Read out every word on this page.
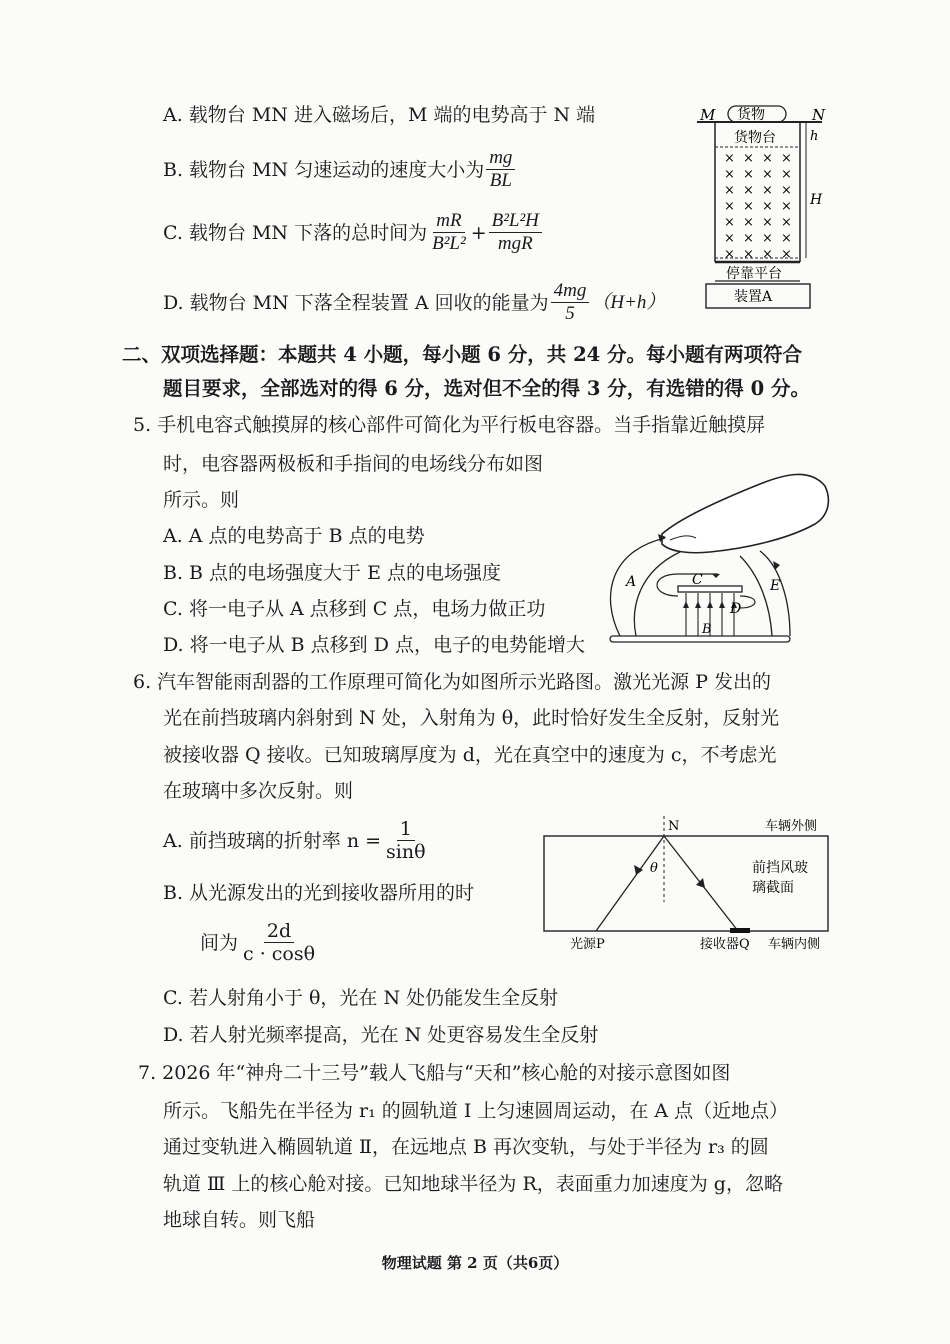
A. 载物台 MN 进入磁场后，M 端的电势高于 N 端
B. 载物台 MN 匀速运动的速度大小为 $\frac{mg}{BL}$
C. 载物台 MN 下落的总时间为 $\frac{mR}{\text{B²L²}} + \frac{\text{B²L²H}}{\text{mgR}}$
D. 载物台 MN 下落全程装置 A 回收的能量为 $\frac{4mg}{5} (H+h)$
M	N
货物
货物台
× × × ×
× × × ×
× × × ×
× × × ×
× × × ×
× × × ×
× × × ×
h
H
停靠平台
装置A
二、双项选择题：本题共 4 小题，每小题 6 分，共 24 分。每小题有两项符合
题目要求，全部选对的得 6 分，选对但不全的得 3 分，有选错的得 0 分。
5. 手机电容式触摸屏的核心部件可简化为平行板电容器。当手指靠近触摸屏
时，电容器两极板和手指间的电场线分布如图
所示。则
A. A 点的电势高于 B 点的电势
B. B 点的电场强度大于 E 点的电场强度
C. 将一电子从 A 点移到 C 点，电场力做正功
D. 将一电子从 B 点移到 D 点，电子的电势能增大
A	C
D
B
E
6. 汽车智能雨刮器的工作原理可简化为如图所示光路图。激光光源 P 发出的
光在前挡玻璃内斜射到 N 处，入射角为 θ，此时恰好发生全反射，反射光
被接收器 Q 接收。已知玻璃厚度为 d，光在真空中的速度为 c，不考虑光
在玻璃中多次反射。则
A. 前挡玻璃的折射率 $n = \frac{1}{\sin\theta}$
B. 从光源发出的光到接收器所用的时
间为 $\frac{2d}{c \cdot \cos\theta}$
C. 若人射角小于 θ，光在 N 处仍能发生全反射
D. 若人射光频率提高，光在 N 处更容易发生全反射
N	车辆外侧
前挡风玻
璃截面
θ
光源P	接收器Q 车辆内侧
7. 2026 年“神舟二十三号”载人飞船与“天和”核心舱的对接示意图如图
所示。飞船先在半径为 r₁ 的圆轨道 Ⅰ 上匀速圆周运动，在 A 点（近地点）
通过变轨进入椭圆轨道 Ⅱ，在远地点 B 再次变轨，与处于半径为 r₃ 的圆
轨道 Ⅲ 上的核心舱对接。已知地球半径为 R，表面重力加速度为 g，忽略
地球自转。则飞船
物理试题 第 2 页（共6页）
